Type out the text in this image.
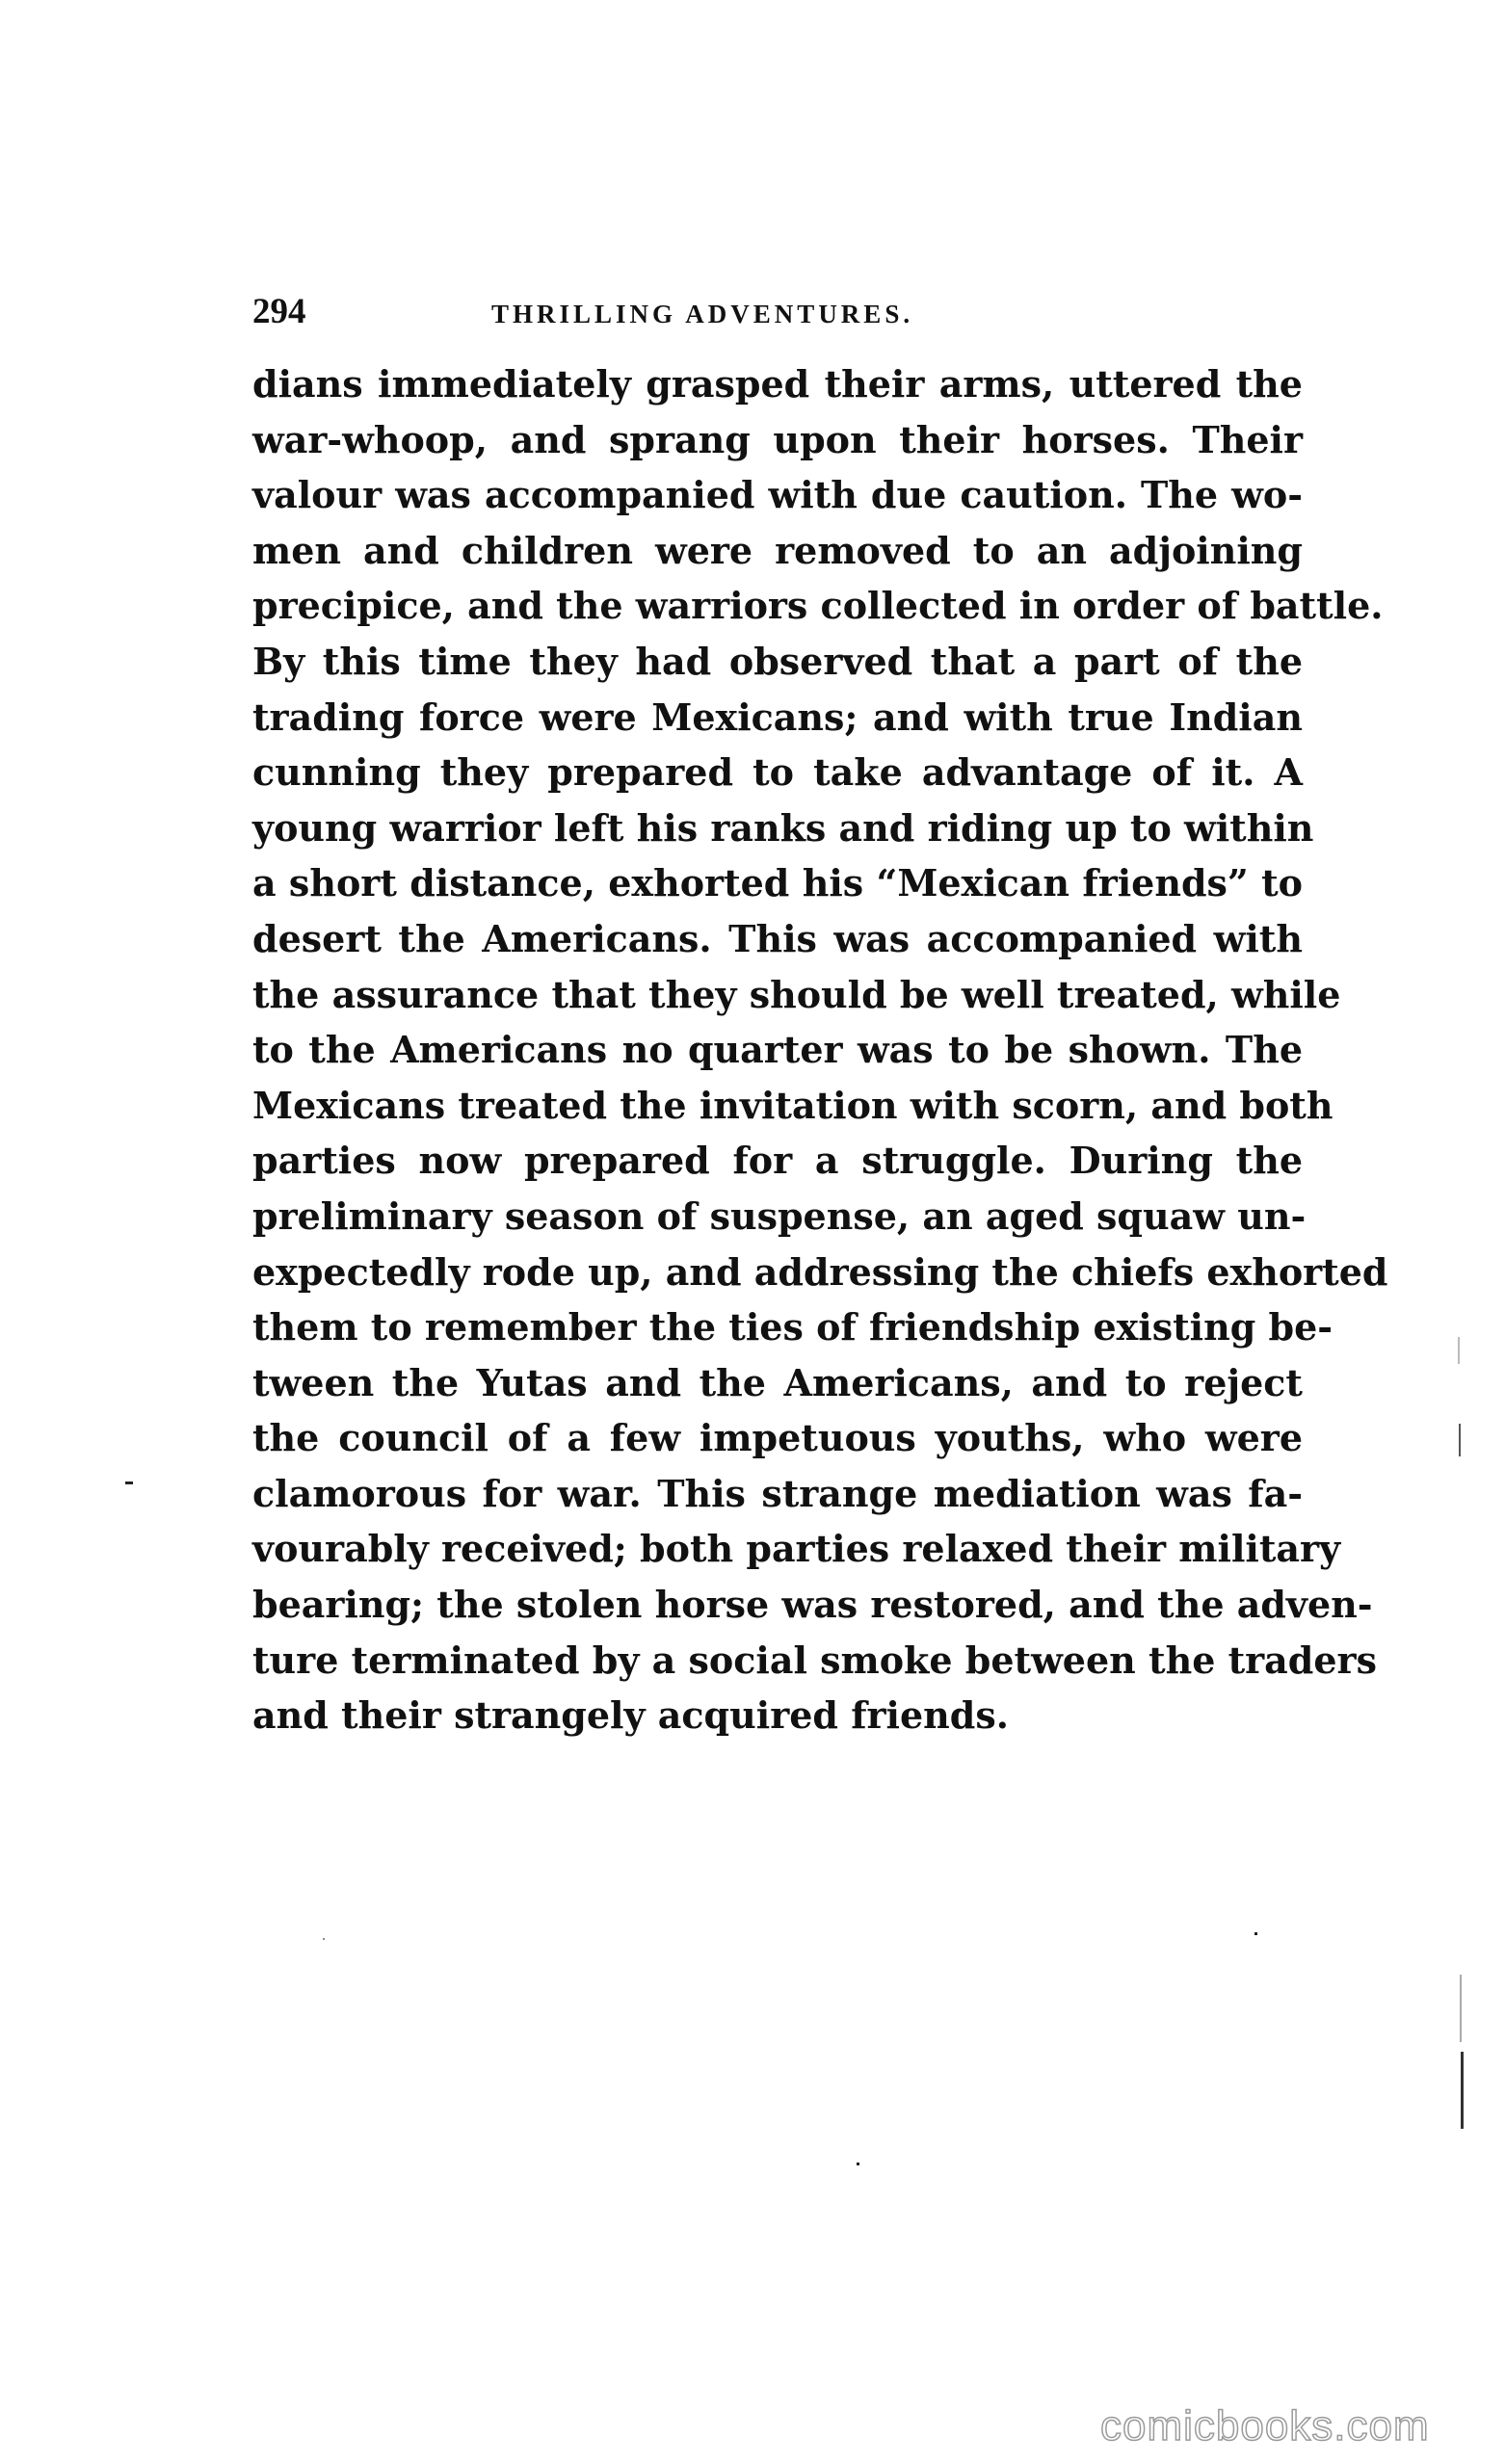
294	THRILLING ADVENTURES.
dians immediately grasped their arms, uttered the
war-whoop, and sprang upon their horses. Their
valour was accompanied with due caution. The wo-
men and children were removed to an adjoining
precipice, and the warriors collected in order of battle.
By this time they had observed that a part of the
trading force were Mexicans; and with true Indian
cunning they prepared to take advantage of it. A
young warrior left his ranks and riding up to within
a short distance, exhorted his “Mexican friends” to
desert the Americans. This was accompanied with
the assurance that they should be well treated, while
to the Americans no quarter was to be shown. The
Mexicans treated the invitation with scorn, and both
parties now prepared for a struggle. During the
preliminary season of suspense, an aged squaw un-
expectedly rode up, and addressing the chiefs exhorted
them to remember the ties of friendship existing be-
tween the Yutas and the Americans, and to reject
the council of a few impetuous youths, who were
clamorous for war. This strange mediation was fa-
vourably received; both parties relaxed their military
bearing; the stolen horse was restored, and the adven-
ture terminated by a social smoke between the traders
and their strangely acquired friends.
comicbooks.com
